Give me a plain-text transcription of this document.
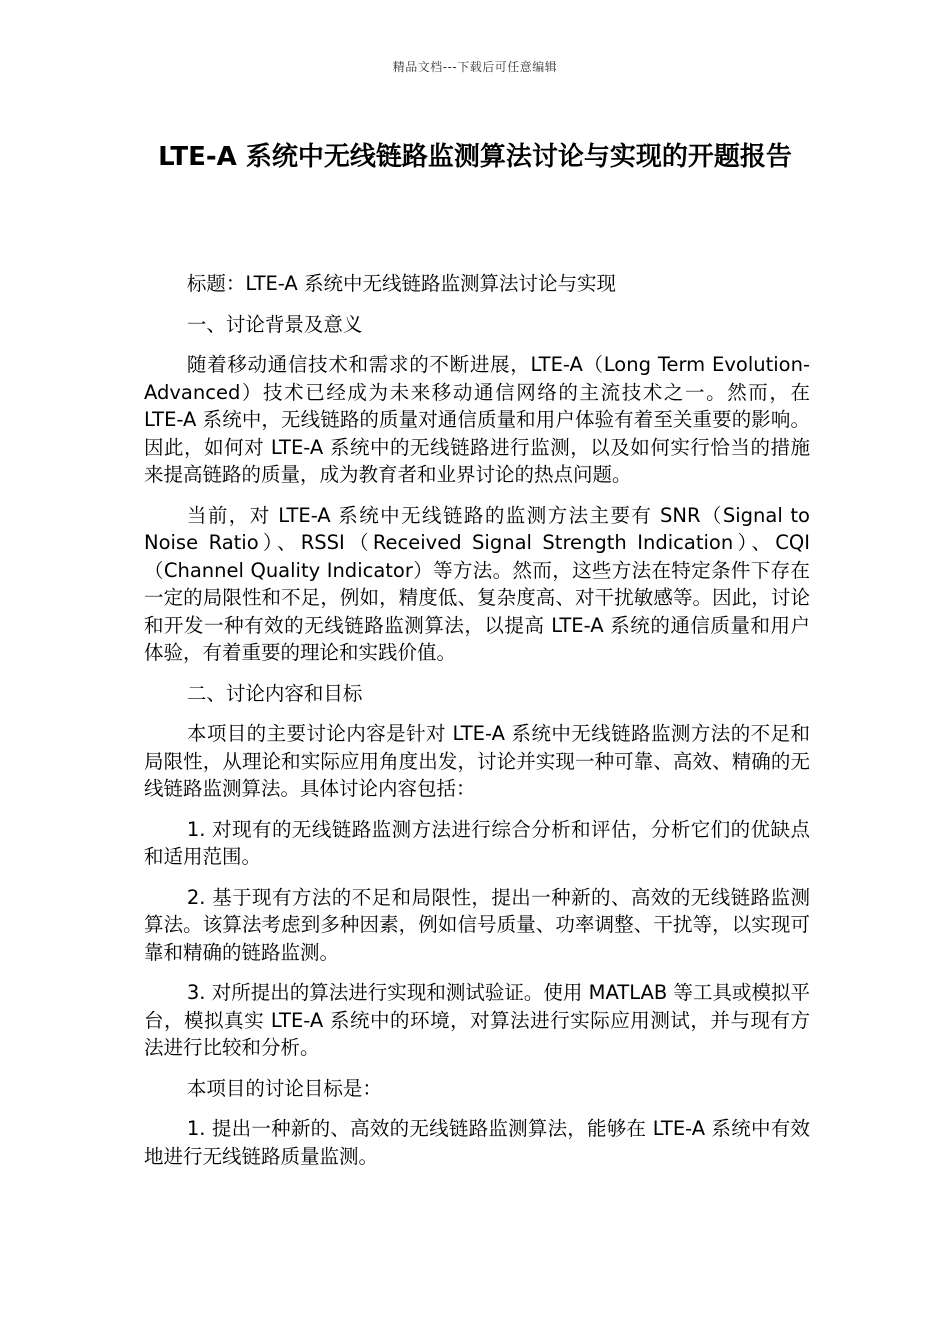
精品文档---下载后可任意编辑
LTE-A 系统中无线链路监测算法讨论与实现的开题报告

标题：LTE-A 系统中无线链路监测算法讨论与实现

一、讨论背景及意义

随着移动通信技术和需求的不断进展，LTE-A（Long Term Evolution-Advanced）技术已经成为未来移动通信网络的主流技术之一。然而，在 LTE-A 系统中，无线链路的质量对通信质量和用户体验有着至关重要的影响。因此，如何对 LTE-A 系统中的无线链路进行监测，以及如何实行恰当的措施来提高链路的质量，成为教育者和业界讨论的热点问题。

当前，对 LTE-A 系统中无线链路的监测方法主要有 SNR（Signal to Noise Ratio）、RSSI（Received Signal Strength Indication）、CQI（Channel Quality Indicator）等方法。然而，这些方法在特定条件下存在一定的局限性和不足，例如，精度低、复杂度高、对干扰敏感等。因此，讨论和开发一种有效的无线链路监测算法，以提高 LTE-A 系统的通信质量和用户体验，有着重要的理论和实践价值。

二、讨论内容和目标

本项目的主要讨论内容是针对 LTE-A 系统中无线链路监测方法的不足和局限性，从理论和实际应用角度出发，讨论并实现一种可靠、高效、精确的无线链路监测算法。具体讨论内容包括：

1. 对现有的无线链路监测方法进行综合分析和评估，分析它们的优缺点和适用范围。

2. 基于现有方法的不足和局限性，提出一种新的、高效的无线链路监测算法。该算法考虑到多种因素，例如信号质量、功率调整、干扰等，以实现可靠和精确的链路监测。

3. 对所提出的算法进行实现和测试验证。使用 MATLAB 等工具或模拟平台，模拟真实 LTE-A 系统中的环境，对算法进行实际应用测试，并与现有方法进行比较和分析。

本项目的讨论目标是：

1. 提出一种新的、高效的无线链路监测算法，能够在 LTE-A 系统中有效地进行无线链路质量监测。
